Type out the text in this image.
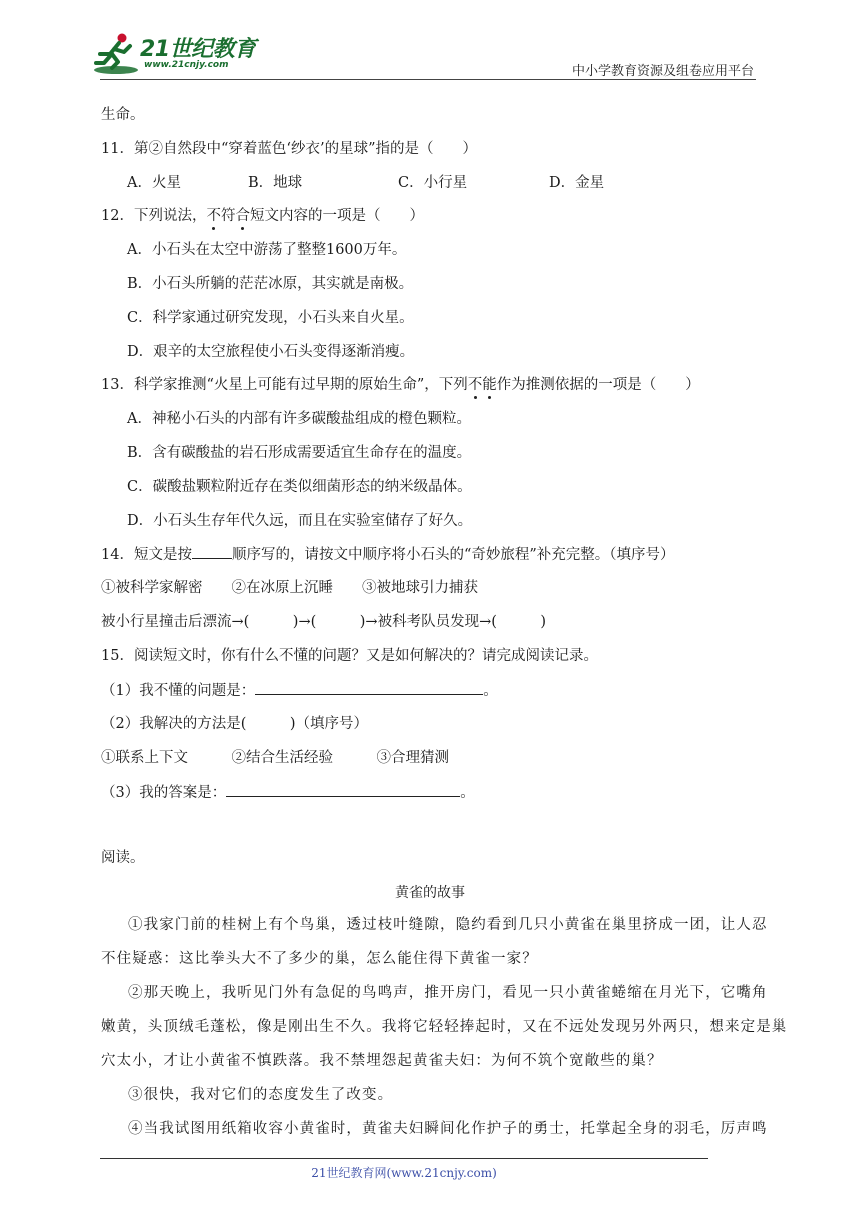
21世纪教育
www.21cnjy.com	中小学教育资源及组卷应用平台
生命。
11．第②自然段中“穿着蓝色‘纱衣’的星球”指的是（　　）
A．火星	B．地球	C．小行星	D．金星
12．下列说法，不符合短文内容的一项是（　　）
A．小石头在太空中游荡了整整1600万年。
B．小石头所躺的茫茫冰原，其实就是南极。
C．科学家通过研究发现，小石头来自火星。
D．艰辛的太空旅程使小石头变得逐渐消瘦。
13．科学家推测“火星上可能有过早期的原始生命”，下列不能作为推测依据的一项是（　　）
A．神秘小石头的内部有许多碳酸盐组成的橙色颗粒。
B．含有碳酸盐的岩石形成需要适宜生命存在的温度。
C．碳酸盐颗粒附近存在类似细菌形态的纳米级晶体。
D．小石头生存年代久远，而且在实验室储存了好久。
14．短文是按	顺序写的，请按文中顺序将小石头的“奇妙旅程”补充完整。（填序号）
①被科学家解密　　②在冰原上沉睡　　③被地球引力捕获
被小行星撞击后漂流→(　　　)→(　　　)→被科考队员发现→(　　　)
15．阅读短文时，你有什么不懂的问题？又是如何解决的？请完成阅读记录。
（1）我不懂的问题是：	。
（2）我解决的方法是(　　　)（填序号）
①联系上下文　　　②结合生活经验　　　③合理猜测
（3）我的答案是：	。
阅读。
黄雀的故事
①我家门前的桂树上有个鸟巢，透过枝叶缝隙，隐约看到几只小黄雀在巢里挤成一团，让人忍
不住疑惑：这比拳头大不了多少的巢，怎么能住得下黄雀一家？
②那天晚上，我听见门外有急促的鸟鸣声，推开房门，看见一只小黄雀蜷缩在月光下，它嘴角
嫩黄，头顶绒毛蓬松，像是刚出生不久。我将它轻轻捧起时，又在不远处发现另外两只，想来定是巢
穴太小，才让小黄雀不慎跌落。我不禁埋怨起黄雀夫妇：为何不筑个宽敞些的巢？
③很快，我对它们的态度发生了改变。
④当我试图用纸箱收容小黄雀时，黄雀夫妇瞬间化作护子的勇士，托掌起全身的羽毛，厉声鸣
21世纪教育网(www.21cnjy.com)
